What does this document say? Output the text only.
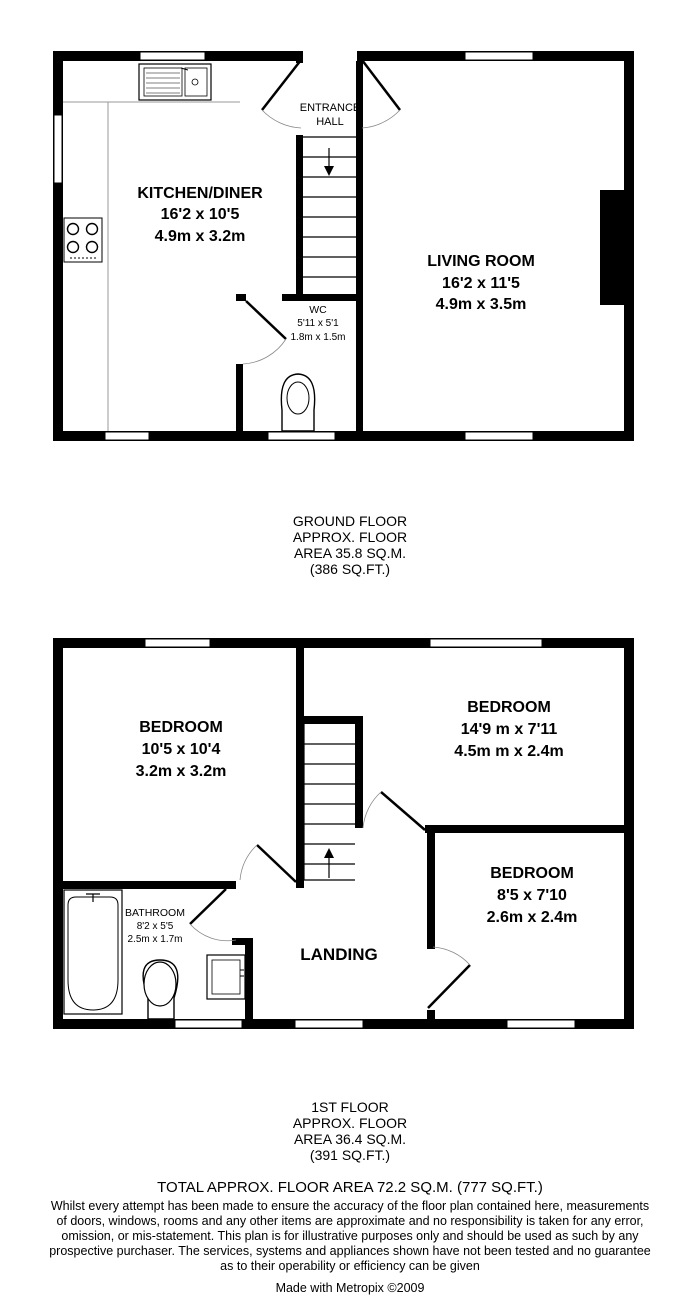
KITCHEN/DINER
16'2 x 10'5
4.9m x 3.2m
LIVING ROOM
16'2 x 11'5
4.9m x 3.5m
ENTRANCE
HALL
WC
5'11 x 5'1
1.8m x 1.5m
BEDROOM
10'5 x 10'4
3.2m x 3.2m
BEDROOM
14'9 m x 7'11
4.5m m x 2.4m
BEDROOM
8'5 x 7'10
2.6m x 2.4m
BATHROOM
8'2 x 5'5
2.5m x 1.7m
LANDING
GROUND FLOOR
APPROX. FLOOR
AREA 35.8 SQ.M.
(386 SQ.FT.)
1ST FLOOR
APPROX. FLOOR
AREA 36.4 SQ.M.
(391 SQ.FT.)
TOTAL APPROX. FLOOR AREA 72.2 SQ.M. (777 SQ.FT.)
Whilst every attempt has been made to ensure the accuracy of the floor plan contained here, measurements
of doors, windows, rooms and any other items are approximate and no responsibility is taken for any error,
omission, or mis-statement. This plan is for illustrative purposes only and should be used as such by any
prospective purchaser. The services, systems and appliances shown have not been tested and no guarantee
as to their operability or efficiency can be given
Made with Metropix ©2009
